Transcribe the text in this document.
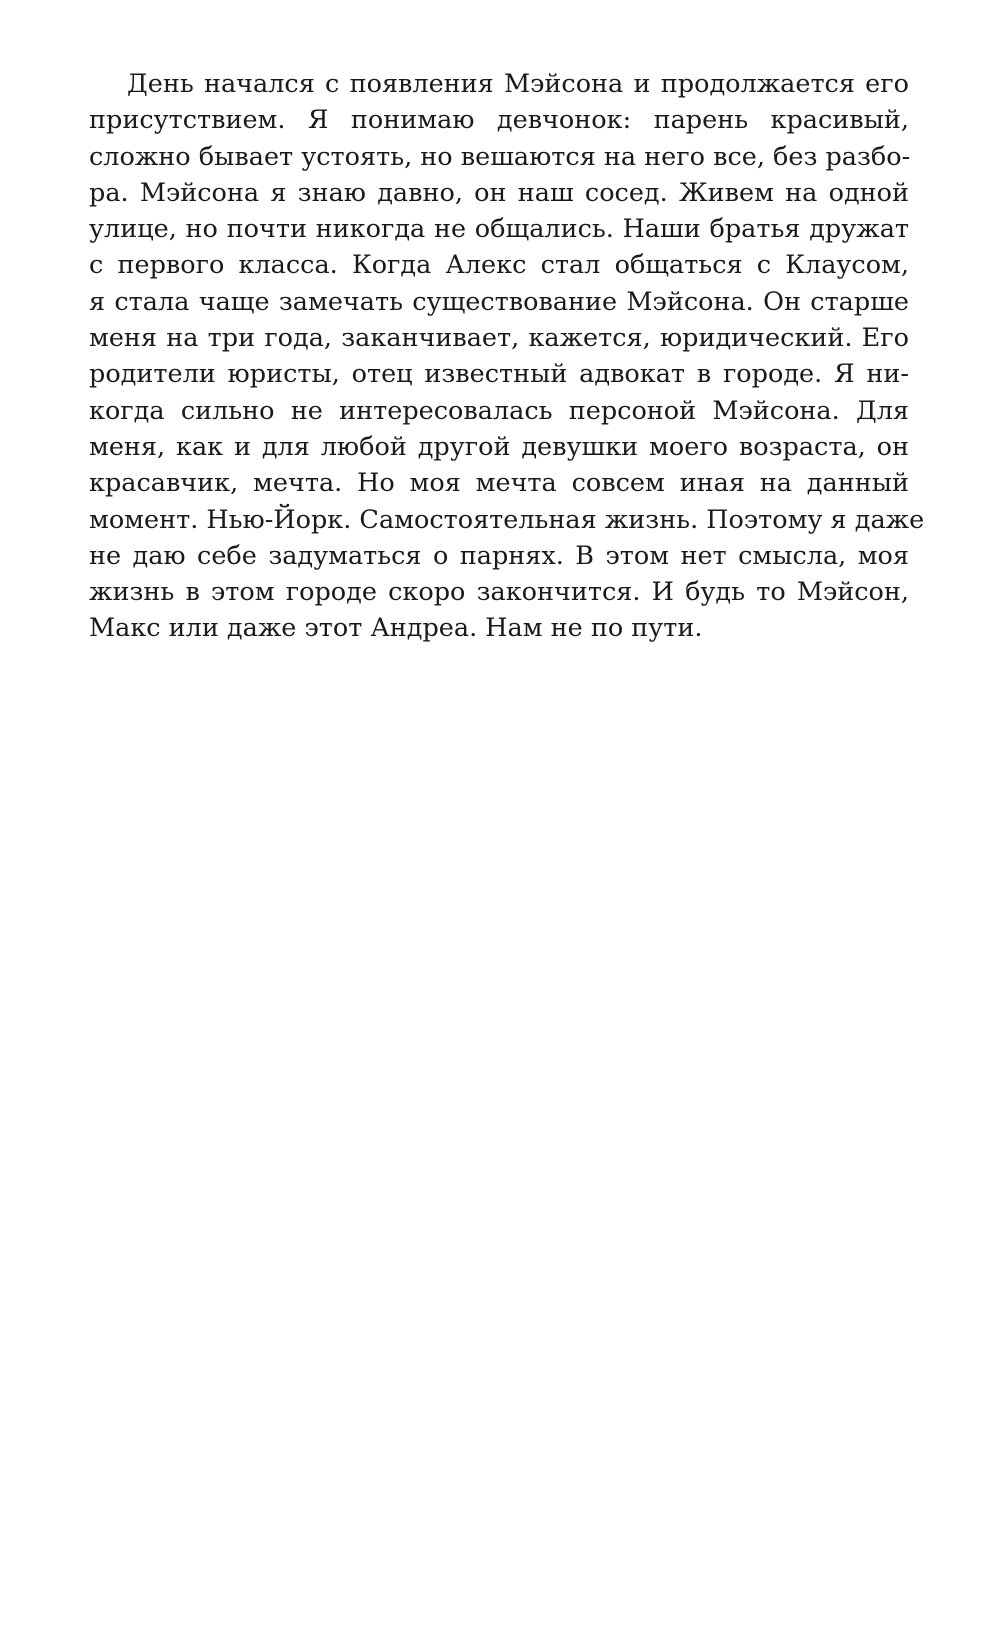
День начался с появления Мэйсона и продолжается его
присутствием. Я понимаю девчонок: парень красивый,
сложно бывает устоять, но вешаются на него все, без разбо-
ра. Мэйсона я знаю давно, он наш сосед. Живем на одной
улице, но почти никогда не общались. Наши братья дружат
с первого класса. Когда Алекс стал общаться с Клаусом,
я стала чаще замечать существование Мэйсона. Он старше
меня на три года, заканчивает, кажется, юридический. Его
родители юристы, отец известный адвокат в городе. Я ни-
когда сильно не интересовалась персоной Мэйсона. Для
меня, как и для любой другой девушки моего возраста, он
красавчик, мечта. Но моя мечта совсем иная на данный
момент. Нью-Йорк. Самостоятельная жизнь. Поэтому я даже
не даю себе задуматься о парнях. В этом нет смысла, моя
жизнь в этом городе скоро закончится. И будь то Мэйсон,
Макс или даже этот Андреа. Нам не по пути.
